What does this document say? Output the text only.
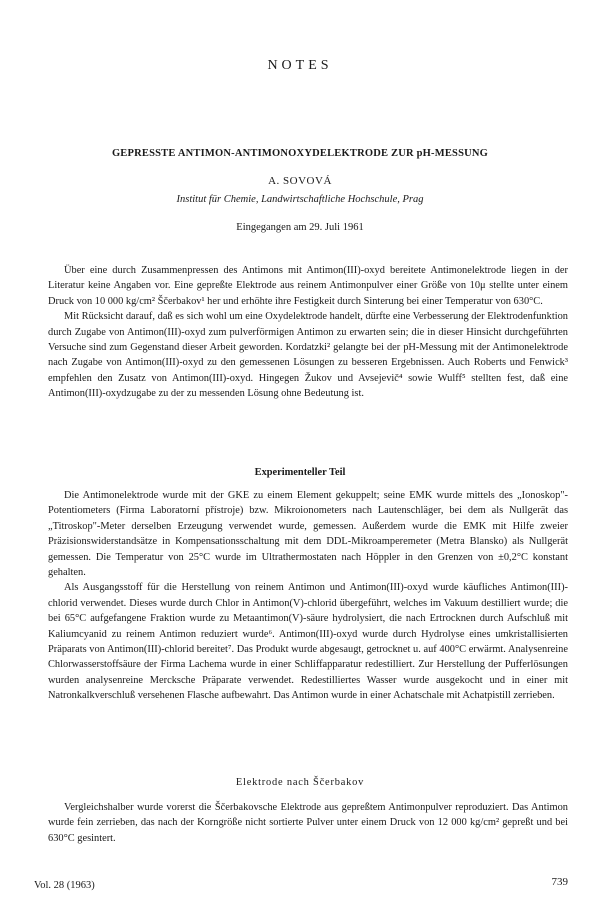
NOTES
GEPRESSTE ANTIMON-ANTIMONOXYDELEKTRODE ZUR pH-MESSUNG
A. SOVOVÁ
Institut für Chemie, Landwirtschaftliche Hochschule, Prag
Eingegangen am 29. Juli 1961

Über eine durch Zusammenpressen des Antimons mit Antimon(III)-oxyd bereitete Antimonelektrode liegen in der Literatur keine Angaben vor. Eine gepreßte Elektrode aus reinem Antimonpulver einer Größe von 10μ stellte unter einem Druck von 10 000 kg/cm² Ščerbakov¹ her und erhöhte ihre Festigkeit durch Sinterung bei einer Temperatur von 630°C.

Mit Rücksicht darauf, daß es sich wohl um eine Oxydelektrode handelt, dürfte eine Verbesserung der Elektrodenfunktion durch Zugabe von Antimon(III)-oxyd zum pulverförmigen Antimon zu erwarten sein; die in dieser Hinsicht durchgeführten Versuche sind zum Gegenstand dieser Arbeit geworden. Kordatzki² gelangte bei der pH-Messung mit der Antimonelektrode nach Zugabe von Antimon(III)-oxyd zu den gemessenen Lösungen zu besseren Ergebnissen. Auch Roberts und Fenwick³ empfehlen den Zusatz von Antimon(III)-oxyd. Hingegen Žukov und Avsejevič⁴ sowie Wulff⁵ stellten fest, daß eine Antimon(III)-oxydzugabe zu der zu messenden Lösung ohne Bedeutung ist.

Experimenteller Teil

Die Antimonelektrode wurde mit der GKE zu einem Element gekuppelt; seine EMK wurde mittels des „Ionoskop"-Potentiometers (Firma Laboratorní přístroje) bzw. Mikroionometers nach Lautenschläger, bei dem als Nullgerät das „Titroskop"-Meter derselben Erzeugung verwendet wurde, gemessen. Außerdem wurde die EMK mit Hilfe zweier Präzisionswiderstandsätze in Kompensationsschaltung mit dem DDL-Mikroamperemeter (Metra Blansko) als Nullgerät gemessen. Die Temperatur von 25°C wurde im Ultrathermostaten nach Höppler in den Grenzen von ±0,2°C konstant gehalten.

Als Ausgangsstoff für die Herstellung von reinem Antimon und Antimon(III)-oxyd wurde käufliches Antimon(III)-chlorid verwendet. Dieses wurde durch Chlor in Antimon(V)-chlorid übergeführt, welches im Vakuum destilliert wurde; die bei 65°C aufgefangene Fraktion wurde zu Metaantimon(V)-säure hydrolysiert, die nach Ertrocknen durch Aufschluß mit Kaliumcyanid zu reinem Antimon reduziert wurde⁶. Antimon(III)-oxyd wurde durch Hydrolyse eines umkristallisierten Präparats von Antimon(III)-chlorid bereitet⁷. Das Produkt wurde abgesaugt, getrocknet u. auf 400°C erwärmt. Analysenreine Chlorwasserstoffsäure der Firma Lachema wurde in einer Schliffapparatur redestilliert. Zur Herstellung der Pufferlösungen wurden analysenreine Mercksche Präparate verwendet. Redestilliertes Wasser wurde ausgekocht und in einer mit Natronkalkverschluß versehenen Flasche aufbewahrt. Das Antimon wurde in einer Achatschale mit Achatpistill zerrieben.

Elektrode nach Ščerbakov

Vergleichshalber wurde vorerst die Ščerbakovsche Elektrode aus gepreßtem Antimonpulver reproduziert. Das Antimon wurde fein zerrieben, das nach der Korngröße nicht sortierte Pulver unter einem Druck von 12 000 kg/cm² gepreßt und bei 630°C gesintert.

Vol. 28 (1963)	739
